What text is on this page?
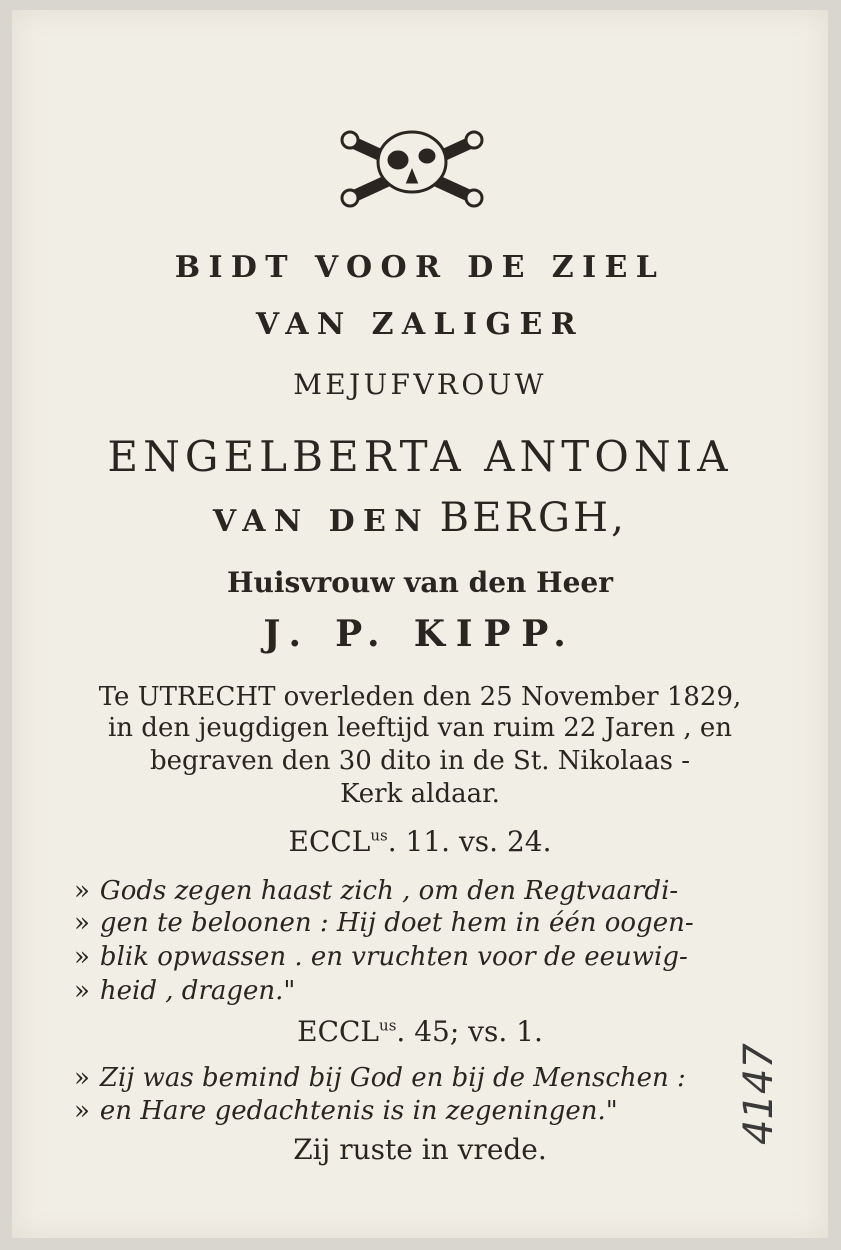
BIDT VOOR DE ZIEL
VAN ZALIGER
MEJUFVROUW
ENGELBERTA ANTONIA
VAN DEN BERGH,
Huisvrouw van den Heer
J. P. KIPP.
Te UTRECHT overleden den 25 November 1829,
in den jeugdigen leeftijd van ruim 22 Jaren , en
begraven den 30 dito in de St. Nikolaas -
Kerk aldaar.
$ECCL^{us}$. 11. vs. 24.
» Gods zegen haast zich , om den Regtvaardi-
» gen te beloonen : Hij doet hem in één oogen-
» blik opwassen . en vruchten voor de eeuwig-
» heid , dragen."
$ECCL^{us}$. 45; vs. 1.
» Zij was bemind bij God en bij de Menschen :
» en Hare gedachtenis is in zegeningen."
Zij ruste in vrede.
4147
